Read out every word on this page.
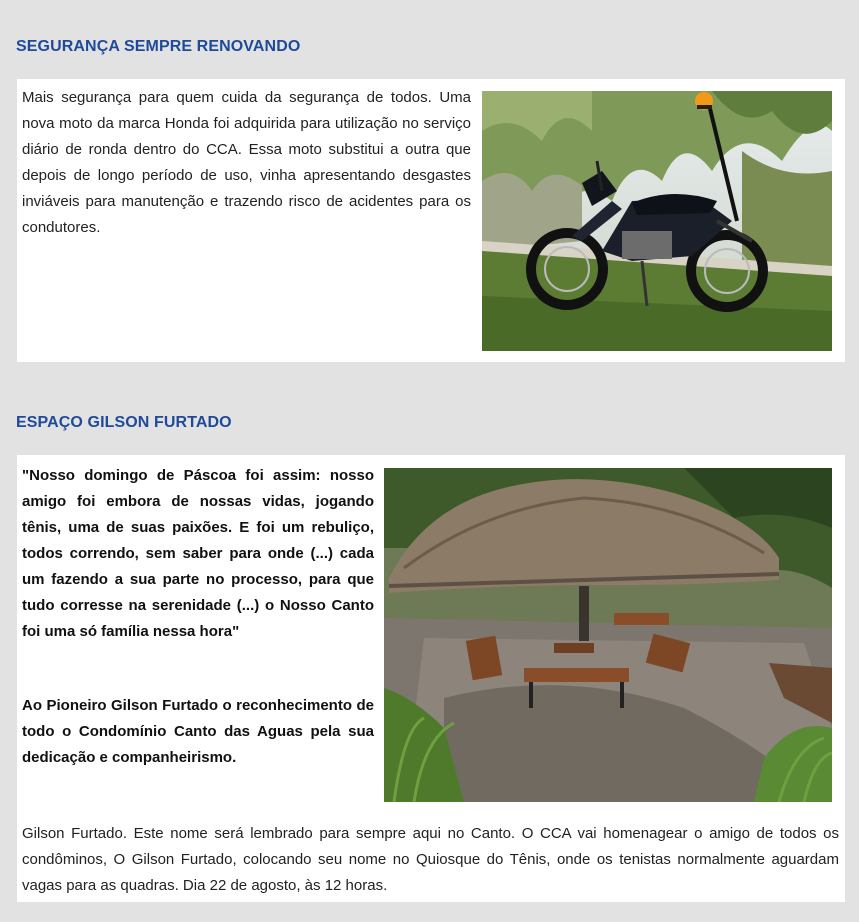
SEGURANÇA SEMPRE RENOVANDO

Mais segurança para quem cuida da segurança de todos. Uma nova moto da marca Honda foi adquirida para utilização no serviço diário de ronda dentro do CCA. Essa moto substitui a outra que depois de longo período de uso, vinha apresentando desgastes inviáveis para manutenção e trazendo risco de acidentes para os condutores.

ESPAÇO GILSON FURTADO

"Nosso domingo de Páscoa foi assim: nosso amigo foi embora de nossas vidas, jogando tênis, uma de suas paixões. E foi um rebuliço, todos correndo, sem saber para onde (...) cada um fazendo a sua parte no processo, para que tudo corresse na serenidade (...) o Nosso Canto foi uma só família nessa hora"

Ao Pioneiro Gilson Furtado o reconhecimento de todo o Condomínio Canto das Aguas pela sua dedicação e companheirismo.

Gilson Furtado. Este nome será lembrado para sempre aqui no Canto. O CCA vai homenagear o amigo de todos os condôminos, O Gilson Furtado, colocando seu nome no Quiosque do Tênis, onde os tenistas normalmente aguardam vagas para as quadras. Dia 22 de agosto, às 12 horas.
